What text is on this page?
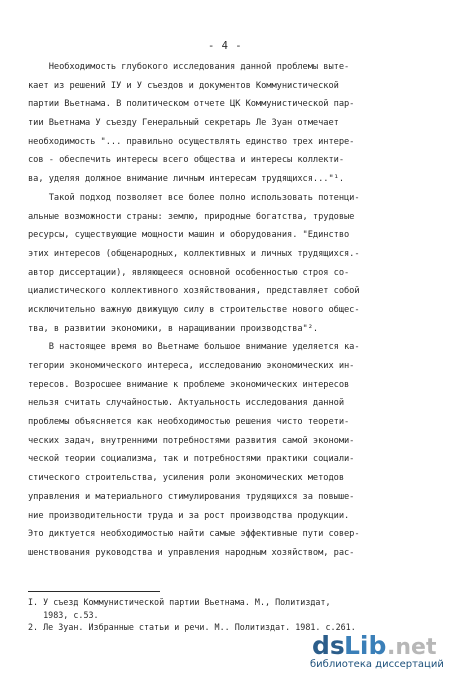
- 4 -
Необходимость глубокого исследования данной проблемы выте-
кает из решений IУ и У съездов и документов Коммунистической
партии Вьетнама. В политическом отчете ЦК Коммунистической пар-
тии Вьетнама У съезду Генеральный секретарь Ле Зуан отмечает
необходимость "... правильно осуществлять единство трех интере-
сов - обеспечить интересы всего общества и интересы коллекти-
ва, уделяя должное внимание личным интересам трудящихся..."¹.
Такой подход позволяет все более полно использовать потенци-
альные возможности страны: землю, природные богатства, трудовые
ресурсы, существующие мощности машин и оборудования. "Единство
этих интересов (общенародных, коллективных и личных трудящихся.-
автор диссертации), являющееся основной особенностью строя со-
циалистического коллективного хозяйствования, представляет собой
исключительно важную движущую силу в строительстве нового общес-
тва, в развитии экономики, в наращивании производства"².
В настоящее время во Вьетнаме большое внимание уделяется ка-
тегории экономического интереса, исследованию экономических ин-
тересов. Возросшее внимание к проблеме экономических интересов
нельзя считать случайностью. Актуальность исследования данной
проблемы объясняется как необходимостью решения чисто теорети-
ческих задач, внутренними потребностями развития самой экономи-
ческой теории социализма, так и потребностями практики социали-
стического строительства, усиления роли экономических методов
управления и материального стимулирования трудящихся за повыше-
ние производительности труда и за рост производства продукции.
Это диктуется необходимостью найти самые эффективные пути совер-
шенствования руководства и управления народным хозяйством, рас-
I. У съезд Коммунистической партии Вьетнама. М., Политиздат,
1983, с.53.
2. Ле Зуан. Избранные статьи и речи. М.. Политиздат. 1981. с.261.
ds Lib .net
библиотека диссертаций
